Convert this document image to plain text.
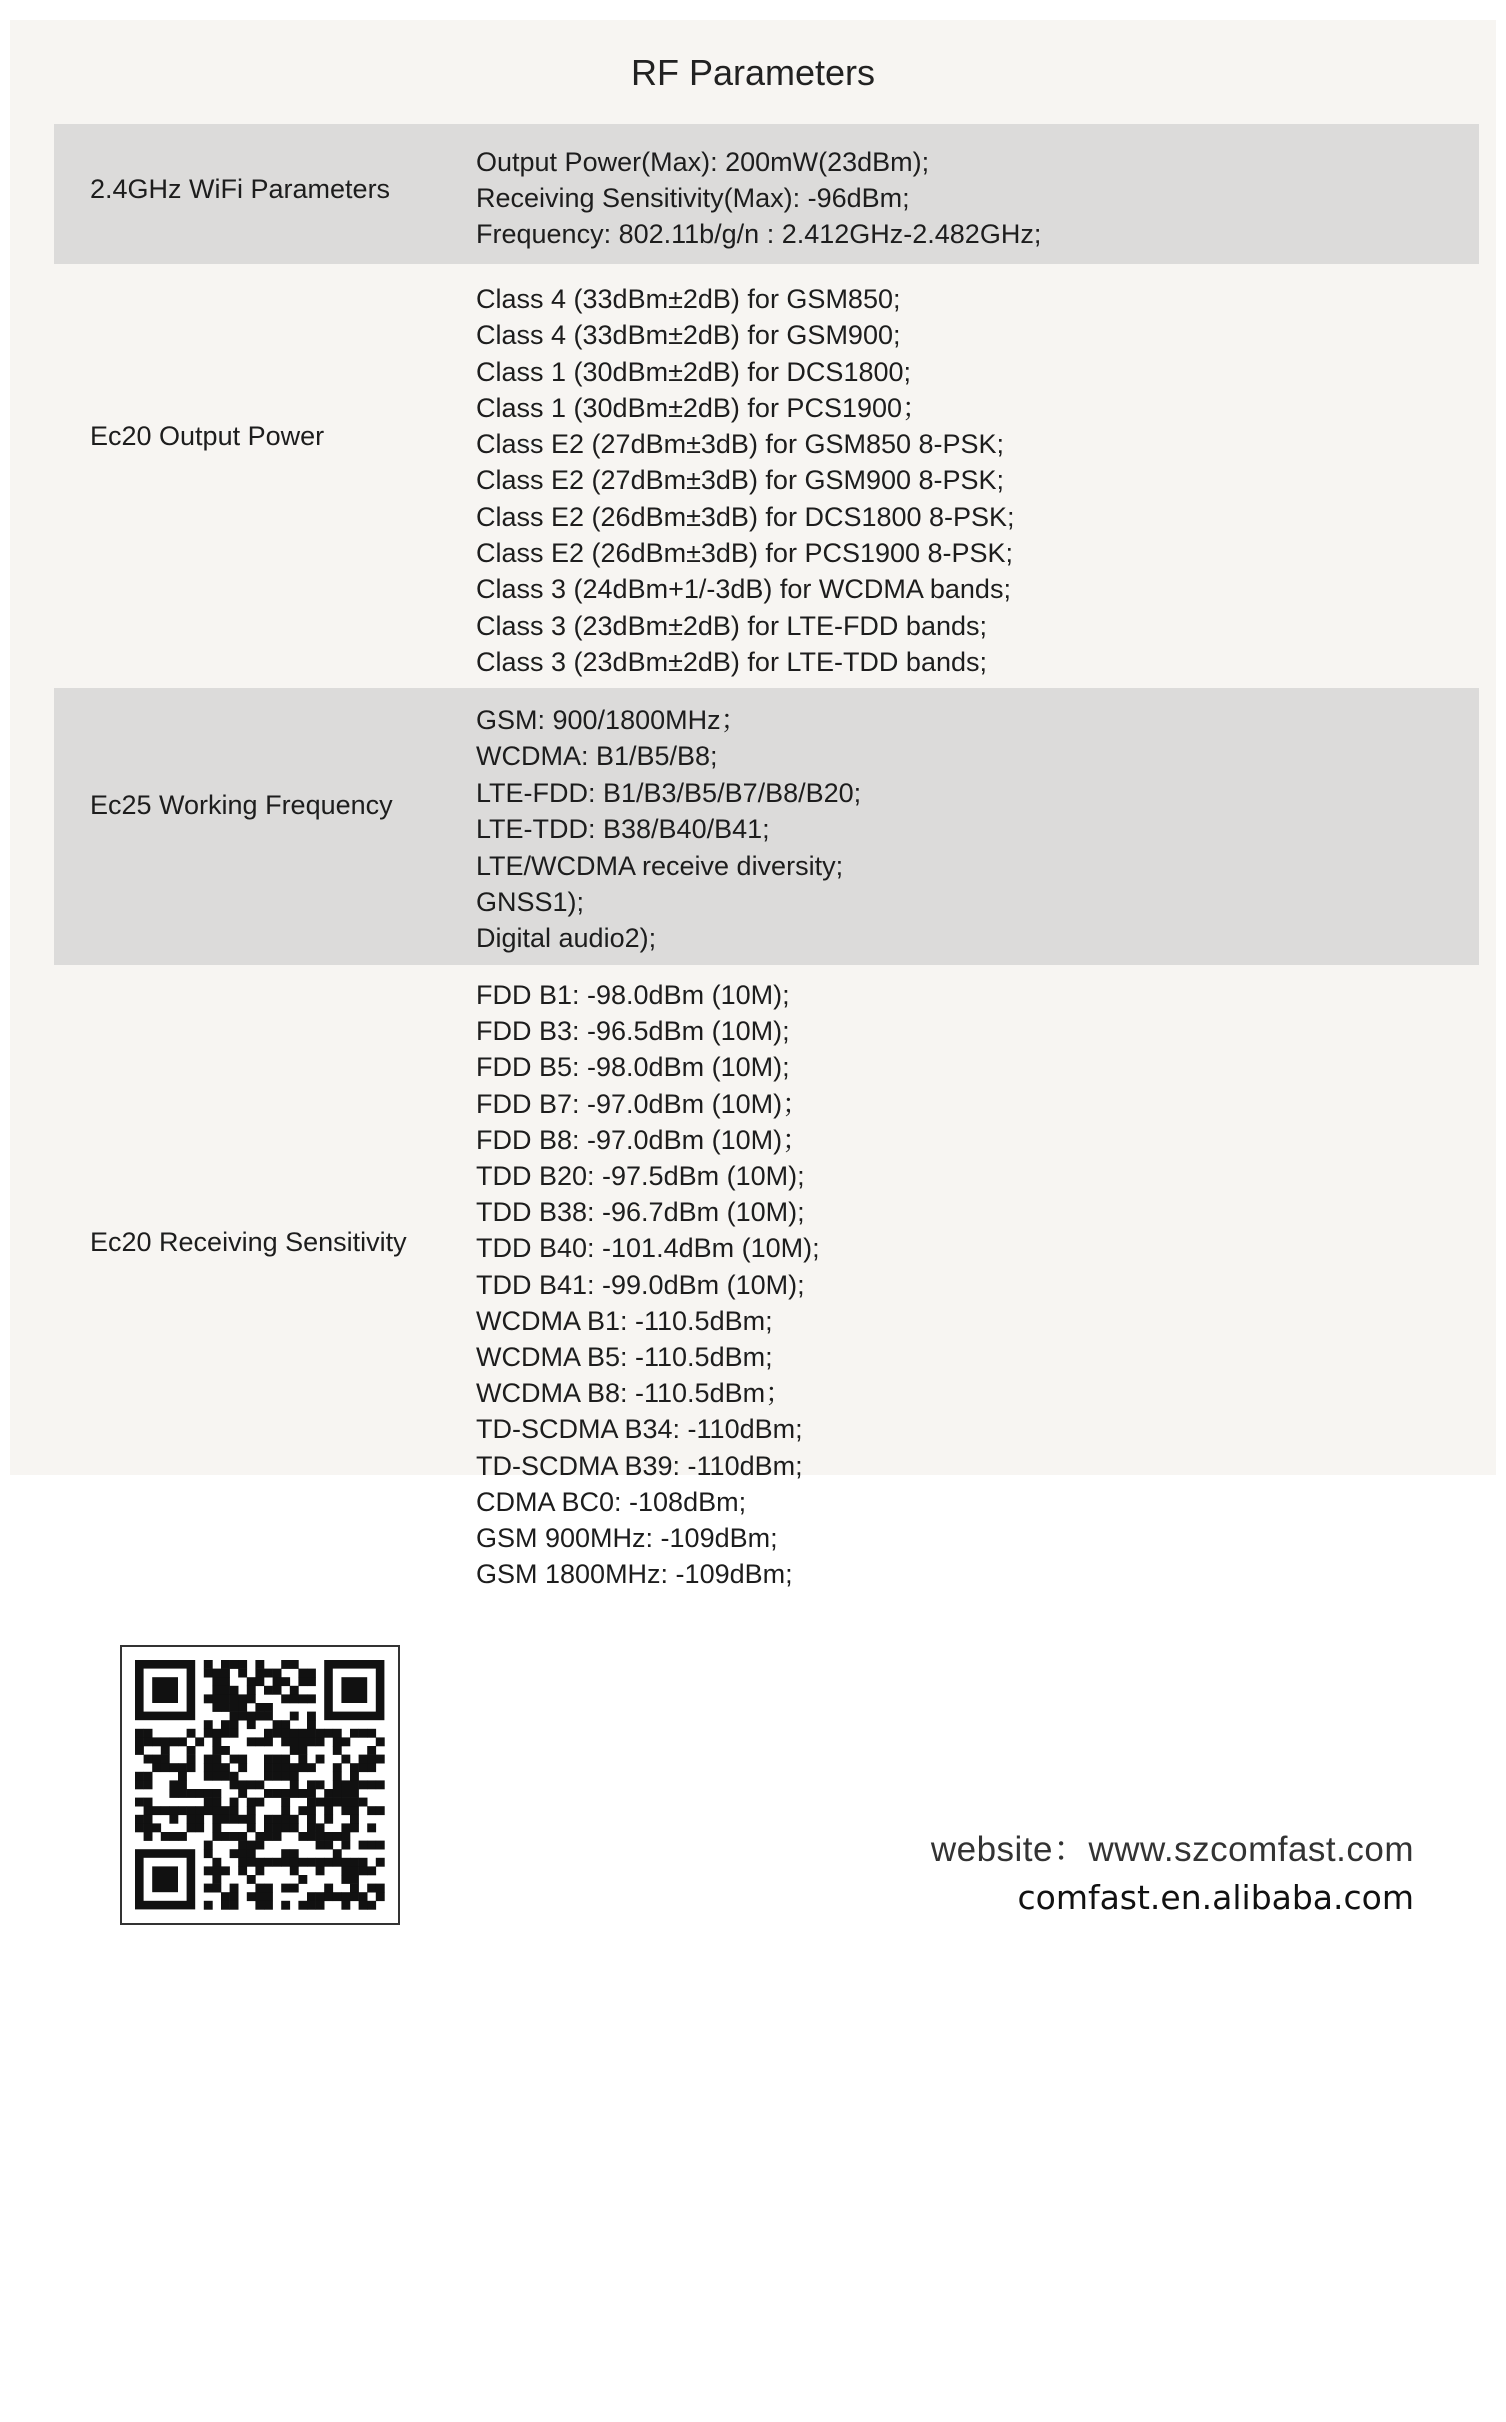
RF Parameters
2.4GHz WiFi Parameters
Output Power(Max): 200mW(23dBm);
Receiving Sensitivity(Max): -96dBm;
Frequency: 802.11b/g/n : 2.412GHz-2.482GHz;
Ec20 Output Power
Class 4 (33dBm±2dB) for GSM850;
Class 4 (33dBm±2dB) for GSM900;
Class 1 (30dBm±2dB) for DCS1800;
Class 1 (30dBm±2dB) for PCS1900；
Class E2 (27dBm±3dB) for GSM850 8-PSK;
Class E2 (27dBm±3dB) for GSM900 8-PSK;
Class E2 (26dBm±3dB) for DCS1800 8-PSK;
Class E2 (26dBm±3dB) for PCS1900 8-PSK;
Class 3 (24dBm+1/-3dB) for WCDMA bands;
Class 3 (23dBm±2dB) for LTE-FDD bands;
Class 3 (23dBm±2dB) for LTE-TDD bands;
Ec25 Working Frequency
GSM: 900/1800MHz；
WCDMA: B1/B5/B8;
LTE-FDD: B1/B3/B5/B7/B8/B20;
LTE-TDD: B38/B40/B41;
LTE/WCDMA receive diversity;
GNSS1);
Digital audio2);
Ec20 Receiving Sensitivity
FDD B1: -98.0dBm (10M);
FDD B3: -96.5dBm (10M);
FDD B5: -98.0dBm (10M);
FDD B7: -97.0dBm (10M)；
FDD B8: -97.0dBm (10M)；
TDD B20: -97.5dBm (10M);
TDD B38: -96.7dBm (10M);
TDD B40: -101.4dBm (10M);
TDD B41: -99.0dBm (10M);
WCDMA B1: -110.5dBm;
WCDMA B5: -110.5dBm;
WCDMA B8: -110.5dBm；
TD-SCDMA B34: -110dBm;
TD-SCDMA B39: -110dBm;
CDMA BC0: -108dBm;
GSM 900MHz: -109dBm;
GSM 1800MHz: -109dBm;
website：www.szcomfast.com
comfast.en.alibaba.com
